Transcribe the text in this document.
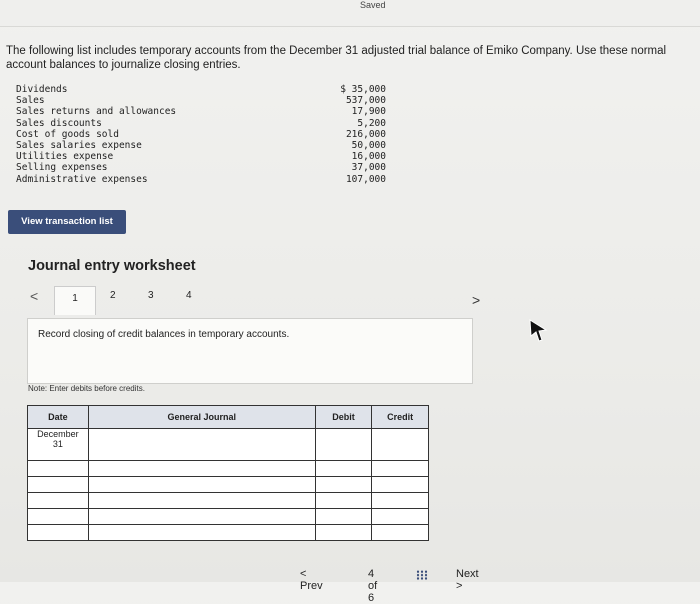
Saved
The following list includes temporary accounts from the December 31 adjusted trial balance of Emiko Company. Use these normal account balances to journalize closing entries.
Dividends	$ 35,000
Sales	537,000
Sales returns and allowances	17,900
Sales discounts	5,200
Cost of goods sold	216,000
Sales salaries expense	50,000
Utilities expense	16,000
Selling expenses	37,000
Administrative expenses	107,000
View transaction list
Journal entry worksheet
<	1	2	3	4	>
Record closing of credit balances in temporary accounts.
Note: Enter debits before credits.
Date	General Journal	Debit	Credit
December
31			

< Prev
4 of 6
Next >
